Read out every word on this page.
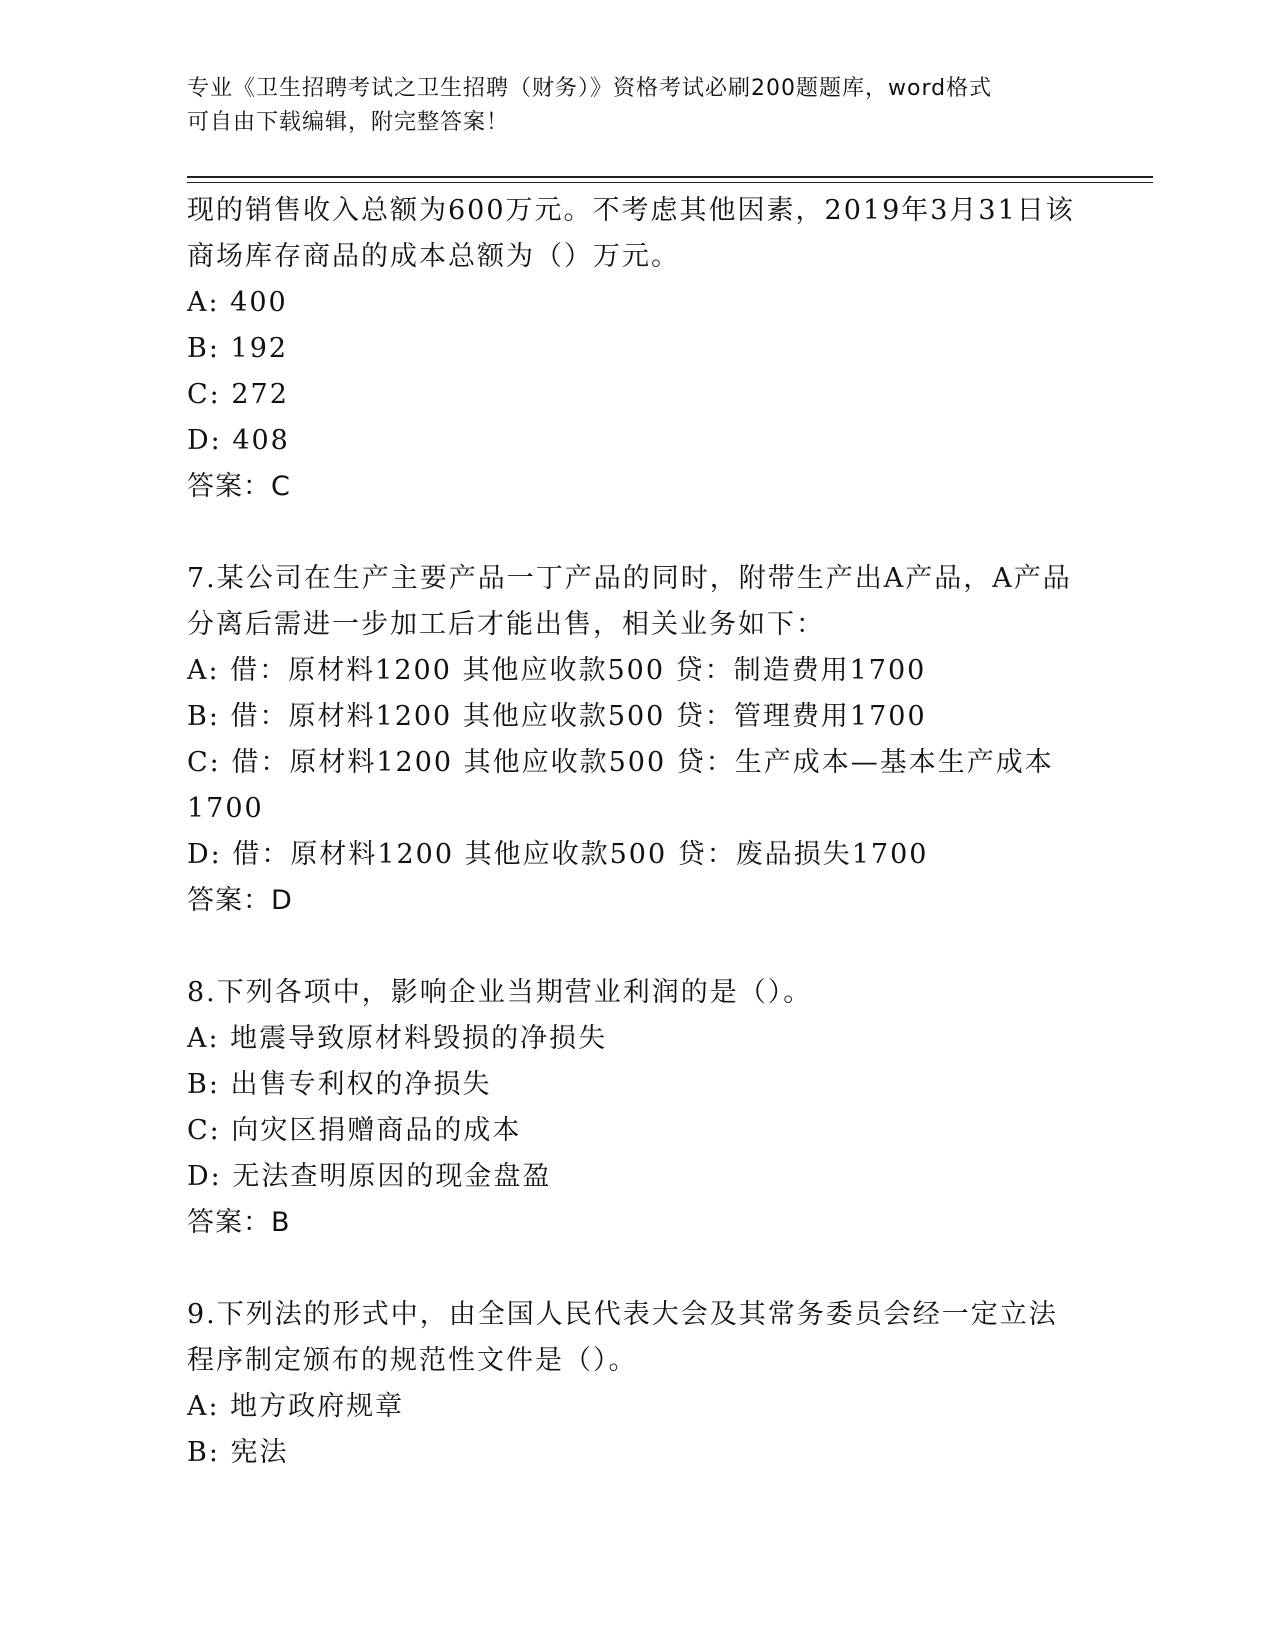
专业《卫生招聘考试之卫生招聘（财务）》资格考试必刷200题题库，word格式
可自由下载编辑，附完整答案！
现的销售收入总额为600万元。不考虑其他因素，2019年3月31日该
商场库存商品的成本总额为（）万元。
A: 400
B: 192
C: 272
D: 408
答案：C
7.某公司在生产主要产品一丁产品的同时，附带生产出A产品，A产品
分离后需进一步加工后才能出售，相关业务如下：
A: 借：原材料1200 其他应收款500 贷：制造费用1700
B: 借：原材料1200 其他应收款500 贷：管理费用1700
C: 借：原材料1200 其他应收款500 贷：生产成本—基本生产成本
1700
D: 借：原材料1200 其他应收款500 贷：废品损失1700
答案：D
8.下列各项中，影响企业当期营业利润的是（）。
A: 地震导致原材料毁损的净损失
B: 出售专利权的净损失
C: 向灾区捐赠商品的成本
D: 无法查明原因的现金盘盈
答案：B
9.下列法的形式中，由全国人民代表大会及其常务委员会经一定立法
程序制定颁布的规范性文件是（）。
A: 地方政府规章
B: 宪法
